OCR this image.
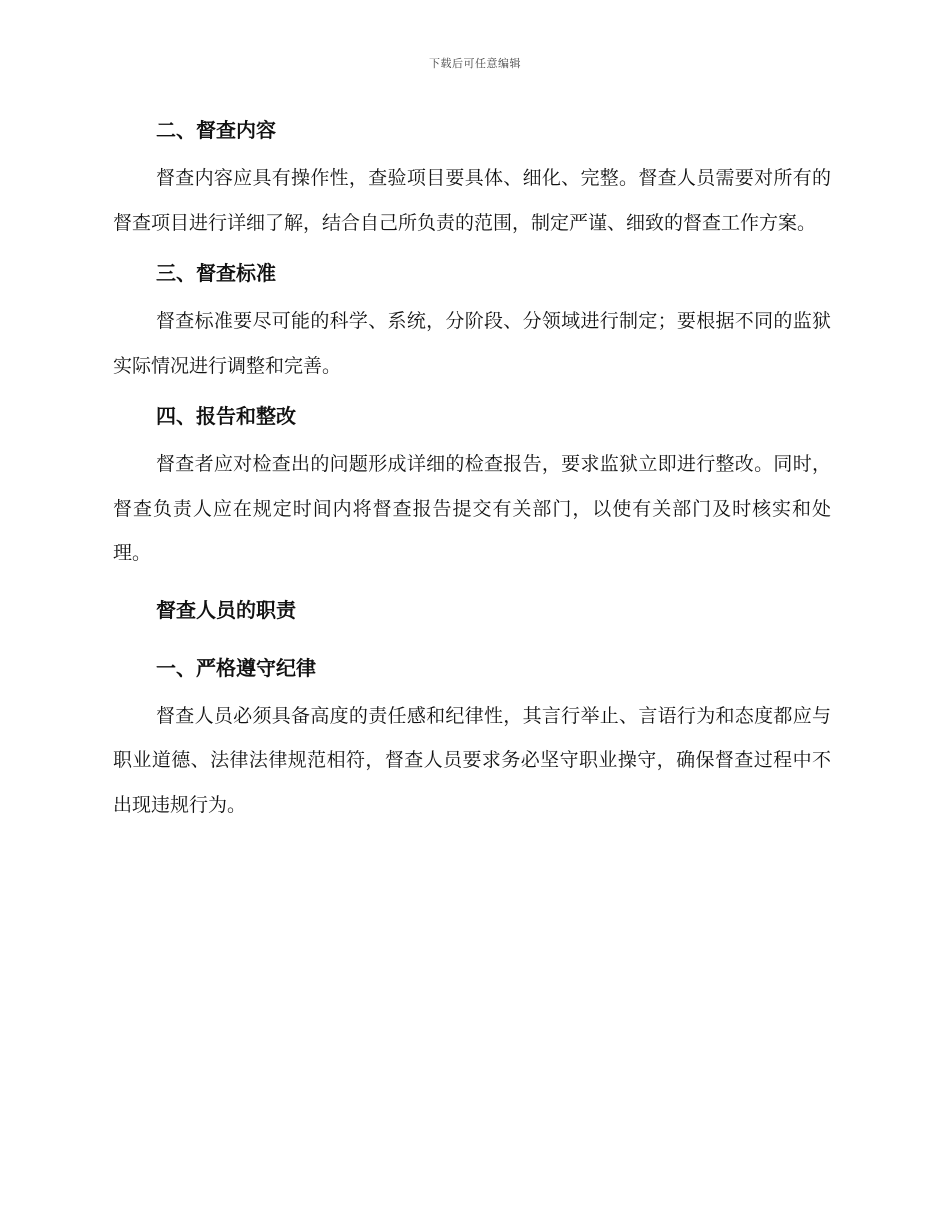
下载后可任意编辑
二、督查内容

督查内容应具有操作性，查验项目要具体、细化、完整。督查人员需要对所有的督查项目进行详细了解，结合自己所负责的范围，制定严谨、细致的督查工作方案。

三、督查标准

督查标准要尽可能的科学、系统，分阶段、分领域进行制定；要根据不同的监狱实际情况进行调整和完善。

四、报告和整改

督查者应对检查出的问题形成详细的检查报告，要求监狱立即进行整改。同时，督查负责人应在规定时间内将督查报告提交有关部门，以使有关部门及时核实和处理。

督查人员的职责
一、严格遵守纪律

督查人员必须具备高度的责任感和纪律性，其言行举止、言语行为和态度都应与职业道德、法律法律规范相符，督查人员要求务必坚守职业操守，确保督查过程中不出现违规行为。
